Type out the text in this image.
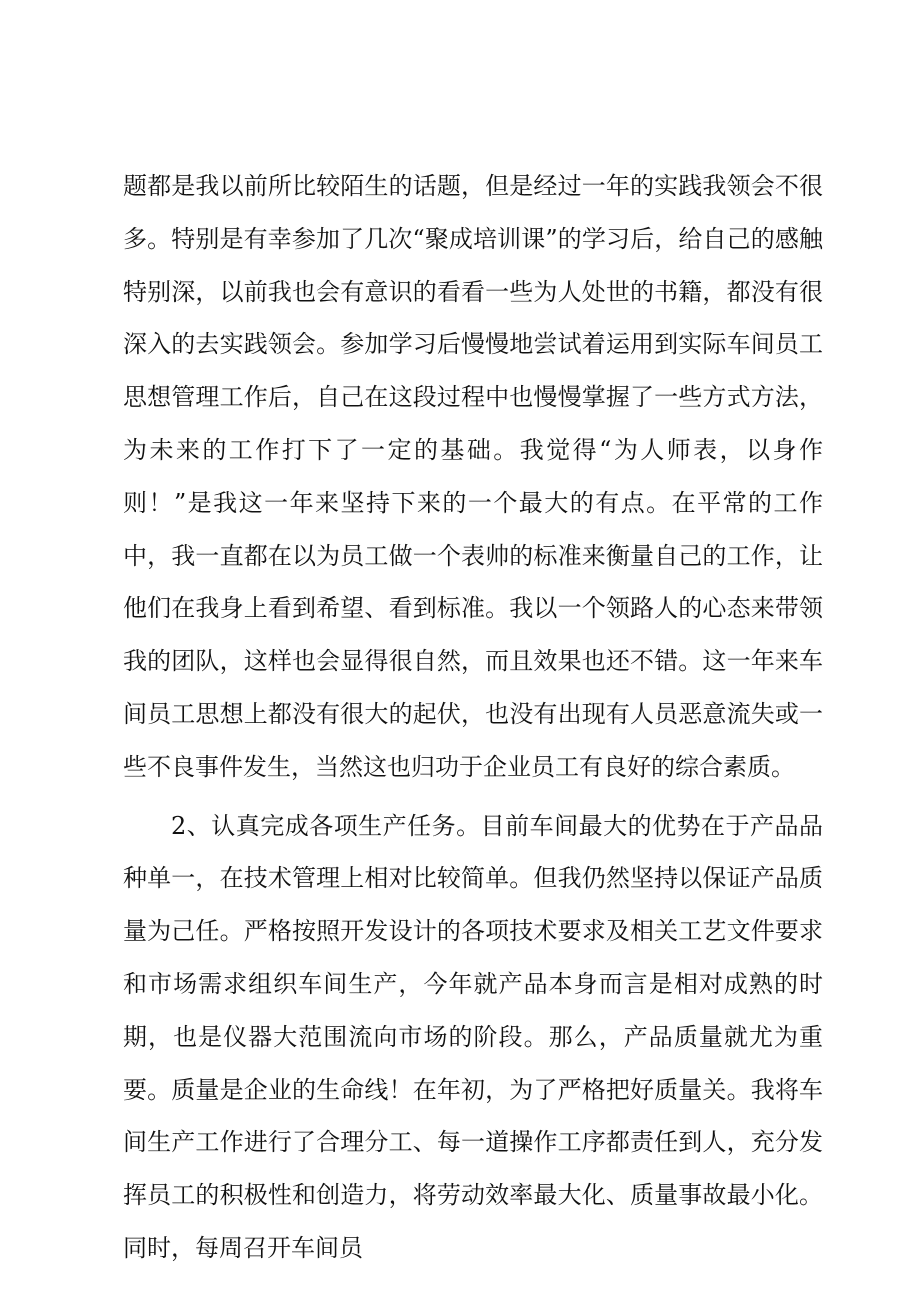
题都是我以前所比较陌生的话题，但是经过一年的实践我领会不很多。特别是有幸参加了几次“聚成培训课”的学习后，给自己的感触特别深，以前我也会有意识的看看一些为人处世的书籍，都没有很深入的去实践领会。参加学习后慢慢地尝试着运用到实际车间员工思想管理工作后，自己在这段过程中也慢慢掌握了一些方式方法，为未来的工作打下了一定的基础。我觉得“为人师表，以身作则！”是我这一年来坚持下来的一个最大的有点。在平常的工作中，我一直都在以为员工做一个表帅的标准来衡量自己的工作，让他们在我身上看到希望、看到标准。我以一个领路人的心态来带领我的团队，这样也会显得很自然，而且效果也还不错。这一年来车间员工思想上都没有很大的起伏，也没有出现有人员恶意流失或一些不良事件发生，当然这也归功于企业员工有良好的综合素质。

2、认真完成各项生产任务。目前车间最大的优势在于产品品种单一，在技术管理上相对比较简单。但我仍然坚持以保证产品质量为己任。严格按照开发设计的各项技术要求及相关工艺文件要求和市场需求组织车间生产，今年就产品本身而言是相对成熟的时期，也是仪器大范围流向市场的阶段。那么，产品质量就尤为重要。质量是企业的生命线！在年初，为了严格把好质量关。我将车间生产工作进行了合理分工、每一道操作工序都责任到人，充分发挥员工的积极性和创造力，将劳动效率最大化、质量事故最小化。同时，每周召开车间员
